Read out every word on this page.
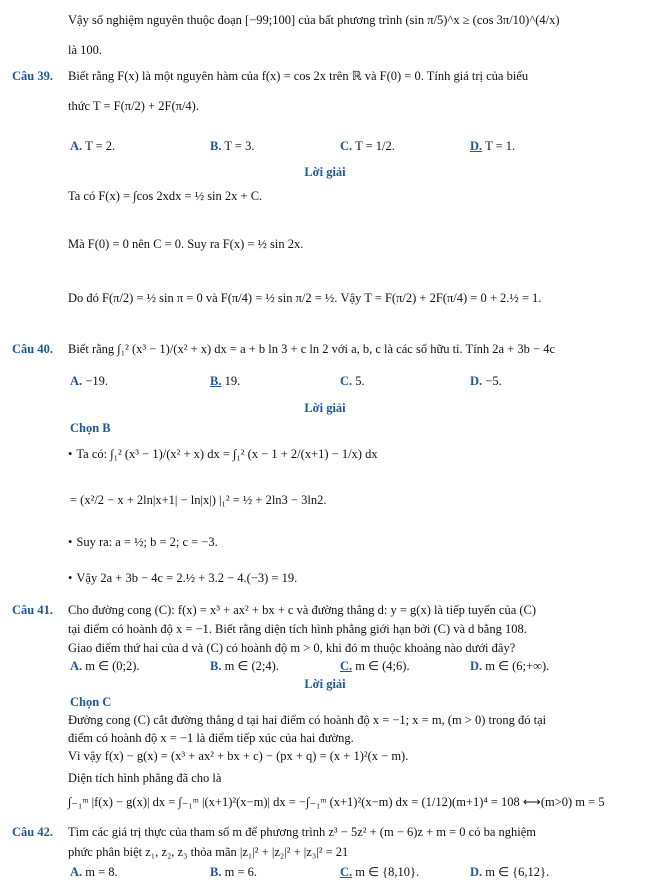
Vậy số nghiệm nguyên thuộc đoạn [−99;100] của bất phương trình (sin π/5)^x ≥ (cos 3π/10)^(4/x)
là 100.
Câu 39. Biết rằng F(x) là một nguyên hàm của f(x) = cos 2x trên ℝ và F(0) = 0. Tính giá trị của biểu
thức T = F(π/2) + 2F(π/4).
A. T = 2.	B. T = 3.	C. T = 1/2.	D. T = 1.
Lời giải
Ta có F(x) = ∫cos 2xdx = ½ sin 2x + C.
Mà F(0) = 0 nên C = 0. Suy ra F(x) = ½ sin 2x.
Do đó F(π/2) = ½ sin π = 0 và F(π/4) = ½ sin π/2 = ½. Vậy T = F(π/2) + 2F(π/4) = 0 + 2.½ = 1.
Câu 40. Biết rằng ∫₁² (x³ − 1)/(x² + x) dx = a + b ln 3 + c ln 2 với a, b, c là các số hữu tỉ. Tính 2a + 3b − 4c
A. −19.	B. 19.	C. 5.	D. −5.
Lời giải
Chọn B
• Ta có: ∫₁² (x³ − 1)/(x² + x) dx = ∫₁² (x − 1 + 2/(x+1) − 1/x) dx
= (x²/2 − x + 2ln|x+1| − ln|x|) |₁² = ½ + 2ln3 − 3ln2.
• Suy ra: a = ½; b = 2; c = −3.
• Vậy 2a + 3b − 4c = 2.½ + 3.2 − 4.(−3) = 19.
Câu 41. Cho đường cong (C): f(x) = x³ + ax² + bx + c và đường thẳng d: y = g(x) là tiếp tuyến của (C)
tại điểm có hoành độ x = −1. Biết rằng diện tích hình phẳng giới hạn bởi (C) và d bằng 108.
Giao điểm thứ hai của d và (C) có hoành độ m > 0, khi đó m thuộc khoảng nào dưới đây?
A. m ∈ (0;2).	B. m ∈ (2;4).	C. m ∈ (4;6).	D. m ∈ (6;+∞).
Lời giải
Chọn C
Đường cong (C) cắt đường thẳng d tại hai điểm có hoành độ x = −1; x = m, (m > 0) trong đó tại
điểm có hoành độ x = −1 là điểm tiếp xúc của hai đường.
Vì vậy f(x) − g(x) = (x³ + ax² + bx + c) − (px + q) = (x + 1)²(x − m).
Diện tích hình phẳng đã cho là
∫₋₁ᵐ |f(x) − g(x)| dx = ∫₋₁ᵐ |(x+1)²(x−m)| dx = −∫₋₁ᵐ (x+1)²(x−m) dx = (1/12)(m+1)⁴ = 108 ⟷(m>0) m = 5
Câu 42. Tìm các giá trị thực của tham số m để phương trình z³ − 5z² + (m − 6)z + m = 0 có ba nghiệm
phức phân biệt z₁, z₂, z₃ thỏa mãn |z₁|² + |z₂|² + |z₃|² = 21
A. m = 8.	B. m = 6.	C. m ∈ {8,10}.	D. m ∈ {6,12}.
